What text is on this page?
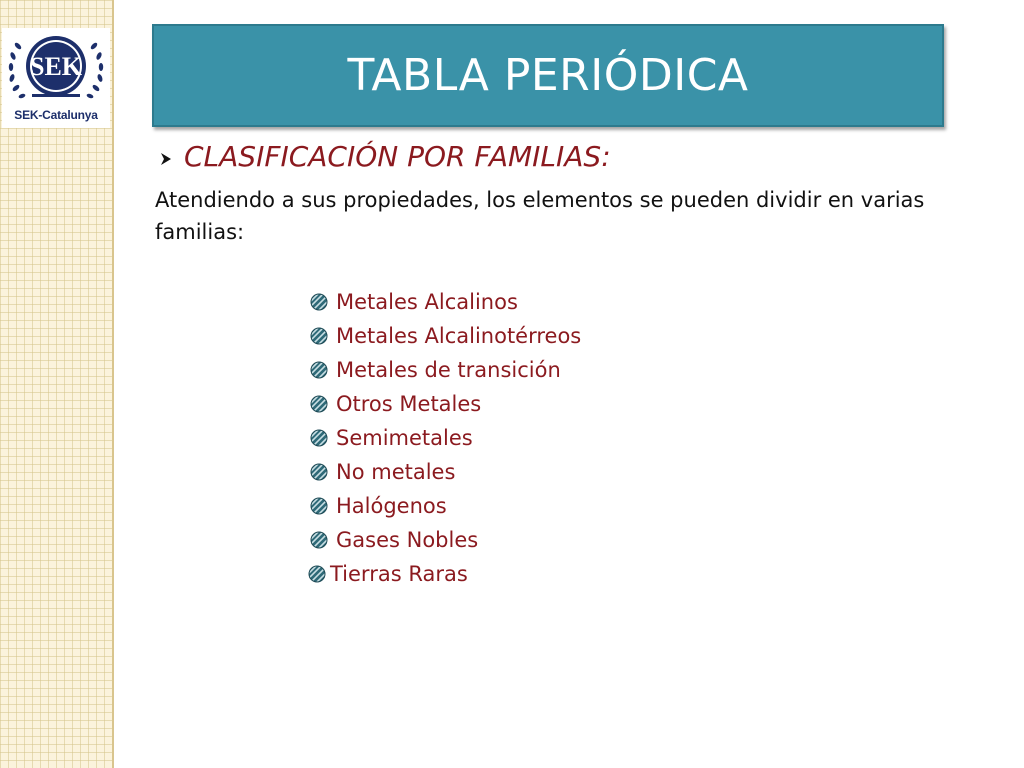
SEK
SEK-Catalunya
TABLA PERIÓDICA
CLASIFICACIÓN POR FAMILIAS:
Atendiendo a sus propiedades, los elementos se pueden dividir en varias familias:
Metales Alcalinos
Metales Alcalinotérreos
Metales de transición
Otros Metales
Semimetales
No metales
Halógenos
Gases Nobles
Tierras Raras
